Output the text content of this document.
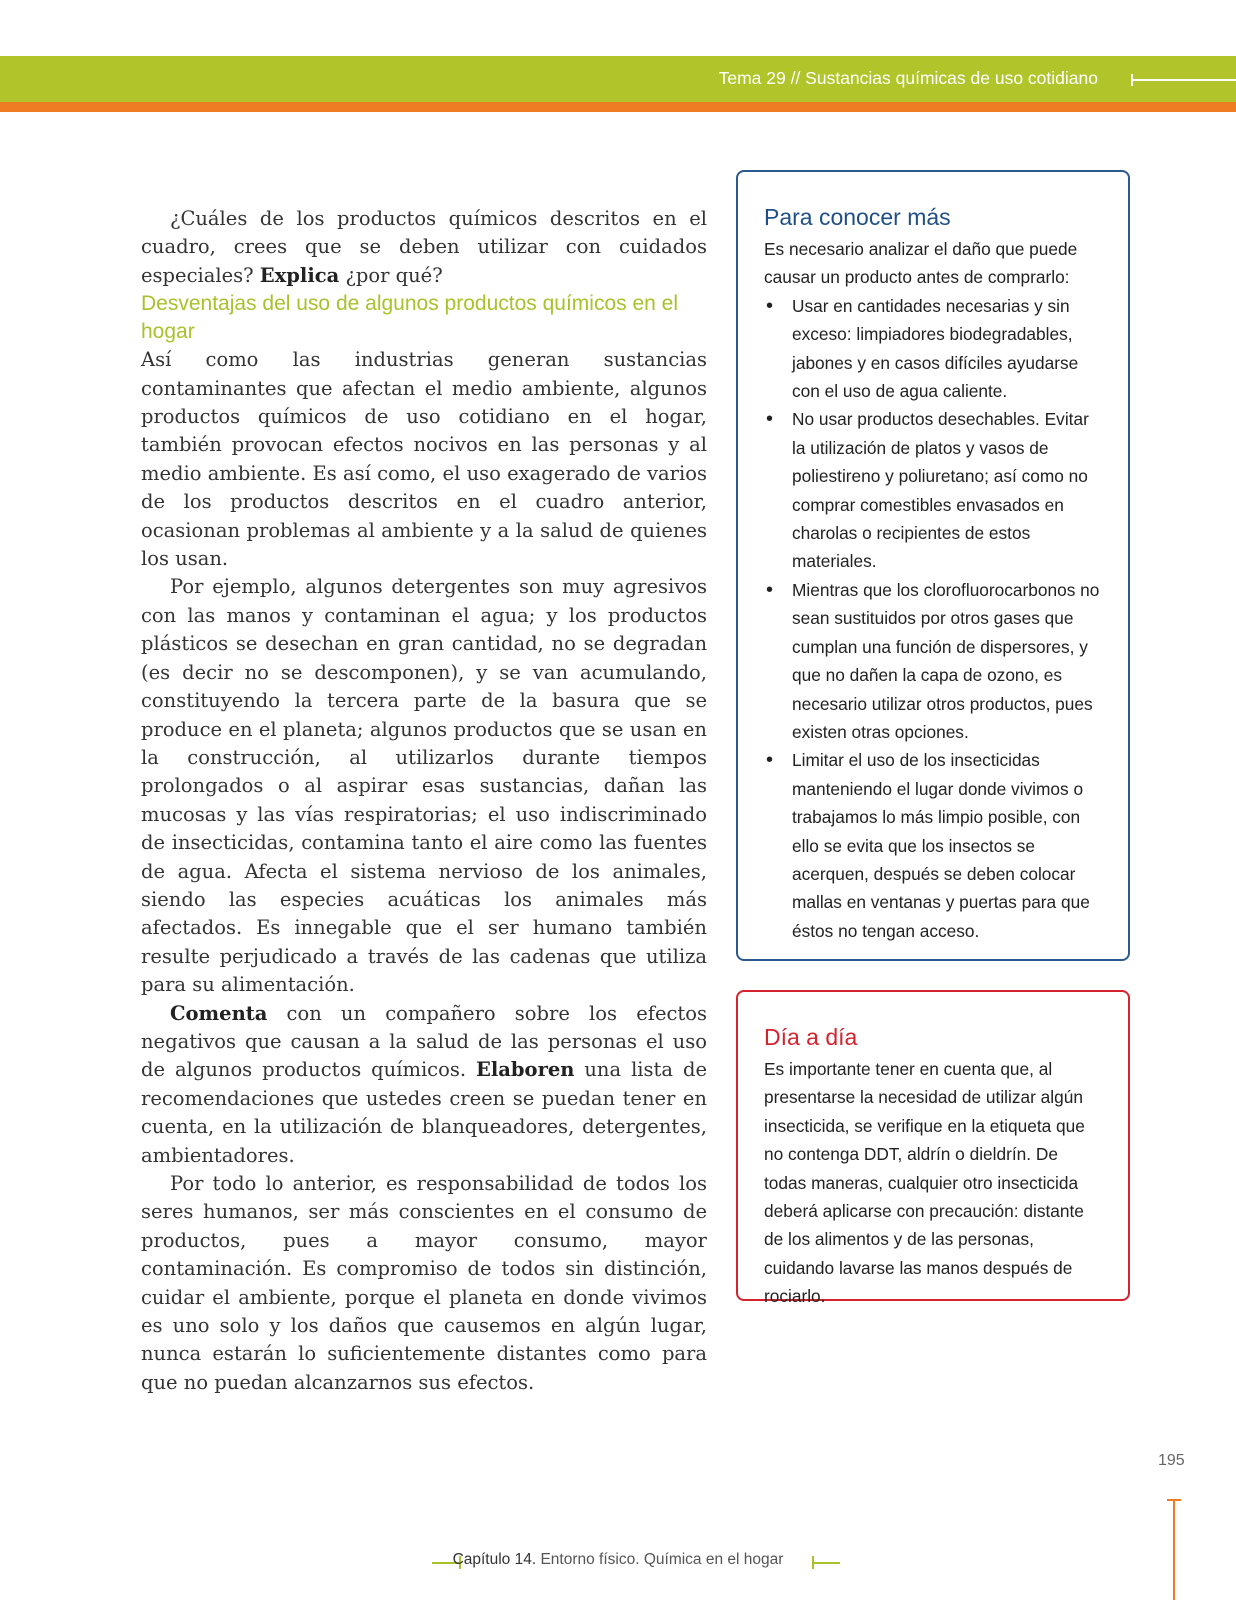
Tema 29 // Sustancias químicas de uso cotidiano

¿Cuáles de los productos químicos descritos en el cuadro, crees que se deben utilizar con cuidados especiales? Explica ¿por qué?

Desventajas del uso de algunos productos químicos en el hogar

Así como las industrias generan sustancias contaminantes que afectan el medio ambiente, algunos productos químicos de uso cotidiano en el hogar, también provocan efectos nocivos en las personas y al medio ambiente. Es así como, el uso exagerado de varios de los productos descritos en el cuadro anterior, ocasionan problemas al ambiente y a la salud de quienes los usan.

Por ejemplo, algunos detergentes son muy agresivos con las manos y contaminan el agua; y los productos plásticos se desechan en gran cantidad, no se degradan (es decir no se descomponen), y se van acumulando, constituyendo la tercera parte de la basura que se produce en el planeta; algunos productos que se usan en la construcción, al utilizarlos durante tiempos prolongados o al aspirar esas sustancias, dañan las mucosas y las vías respiratorias; el uso indiscriminado de insecticidas, contamina tanto el aire como las fuentes de agua. Afecta el sistema nervioso de los animales, siendo las especies acuáticas los animales más afectados. Es innegable que el ser humano también resulte perjudicado a través de las cadenas que utiliza para su alimentación.

Comenta con un compañero sobre los efectos negativos que causan a la salud de las personas el uso de algunos productos químicos. Elaboren una lista de recomendaciones que ustedes creen se puedan tener en cuenta, en la utilización de blanqueadores, detergentes, ambientadores.

Por todo lo anterior, es responsabilidad de todos los seres humanos, ser más conscientes en el consumo de productos, pues a mayor consumo, mayor contaminación. Es compromiso de todos sin distinción, cuidar el ambiente, porque el planeta en donde vivimos es uno solo y los daños que causemos en algún lugar, nunca estarán lo suficientemente distantes como para que no puedan alcanzarnos sus efectos.

Para conocer más
Es necesario analizar el daño que puede causar un producto antes de comprarlo:
• Usar en cantidades necesarias y sin exceso: limpiadores biodegradables, jabones y en casos difíciles ayudarse con el uso de agua caliente.
• No usar productos desechables. Evitar la utilización de platos y vasos de poliestireno y poliuretano; así como no comprar comestibles envasados en charolas o recipientes de estos materiales.
• Mientras que los clorofluorocarbonos no sean sustituidos por otros gases que cumplan una función de dispersores, y que no dañen la capa de ozono, es necesario utilizar otros productos, pues existen otras opciones.
• Limitar el uso de los insecticidas manteniendo el lugar donde vivimos o trabajamos lo más limpio posible, con ello se evita que los insectos se acerquen, después se deben colocar mallas en ventanas y puertas para que éstos no tengan acceso.
Día a día
Es importante tener en cuenta que, al presentarse la necesidad de utilizar algún insecticida, se verifique en la etiqueta que no contenga DDT, aldrín o dieldrín. De todas maneras, cualquier otro insecticida deberá aplicarse con precaución: distante de los alimentos y de las personas, cuidando lavarse las manos después de rociarlo.
195
Capítulo 14. Entorno físico. Química en el hogar
